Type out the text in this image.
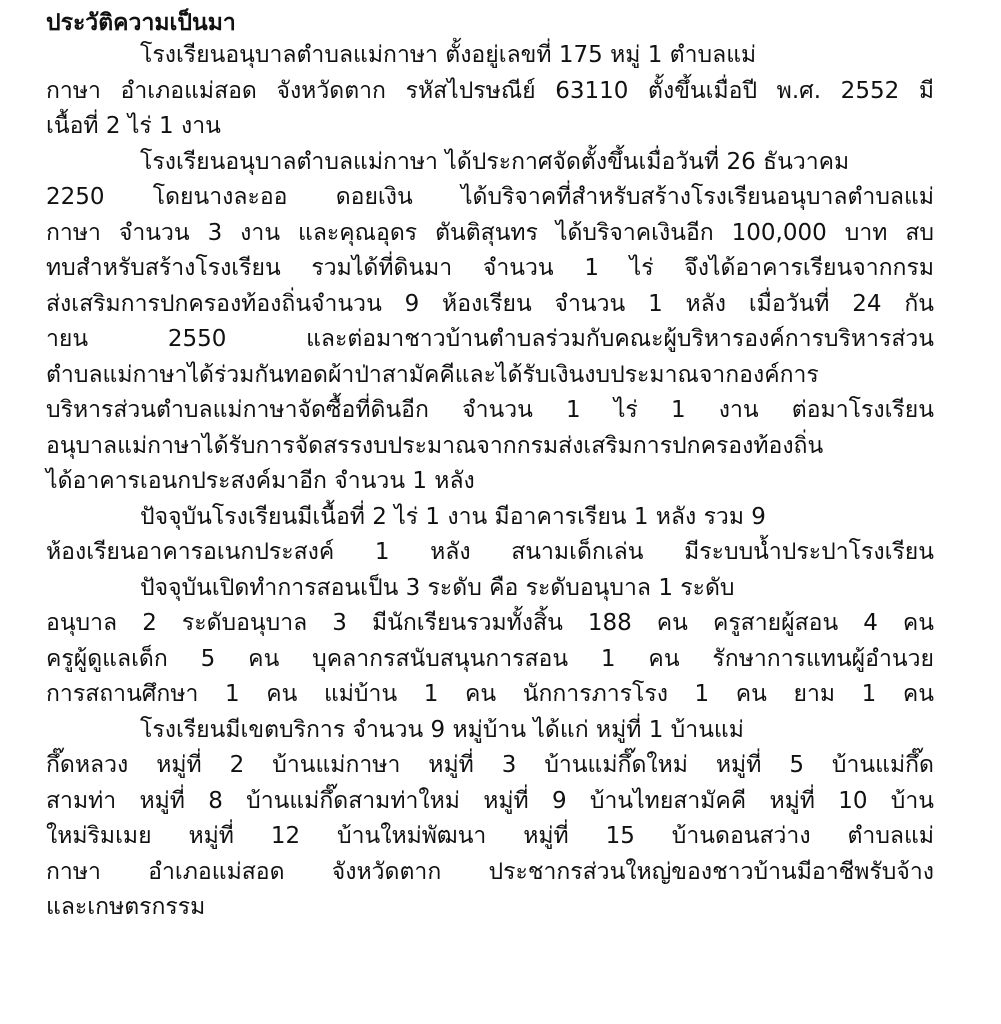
ประวัติความเป็นมา
โรงเรียนอนุบาลตำบลแม่กาษา ตั้งอยู่เลขที่ 175 หมู่ 1 ตำบลแม่
กาษา อำเภอแม่สอด จังหวัดตาก รหัสไปรษณีย์ 63110 ตั้งขึ้นเมื่อปี พ.ศ. 2552 มี
เนื้อที่ 2 ไร่ 1 งาน
โรงเรียนอนุบาลตำบลแม่กาษา ได้ประกาศจัดตั้งขึ้นเมื่อวันที่ 26 ธันวาคม
2250 โดยนางละออ ดอยเงิน ได้บริจาคที่สำหรับสร้างโรงเรียนอนุบาลตำบลแม่
กาษา จำนวน 3 งาน และคุณอุดร ตันติสุนทร ได้บริจาคเงินอีก 100,000 บาท สบ
ทบสำหรับสร้างโรงเรียน รวมได้ที่ดินมา จำนวน 1 ไร่ จึงได้อาคารเรียนจากกรม
ส่งเสริมการปกครองท้องถิ่นจำนวน 9 ห้องเรียน จำนวน 1 หลัง เมื่อวันที่ 24 กัน
ายน 2550 และต่อมาชาวบ้านตำบลร่วมกับคณะผู้บริหารองค์การบริหารส่วน
ตำบลแม่กาษาได้ร่วมกันทอดผ้าป่าสามัคคีและได้รับเงินงบประมาณจากองค์การ
บริหารส่วนตำบลแม่กาษาจัดซื้อที่ดินอีก จำนวน 1 ไร่ 1 งาน ต่อมาโรงเรียน
อนุบาลแม่กาษาได้รับการจัดสรรงบประมาณจากกรมส่งเสริมการปกครองท้องถิ่น
ได้อาคารเอนกประสงค์มาอีก จำนวน 1 หลัง
ปัจจุบันโรงเรียนมีเนื้อที่ 2 ไร่ 1 งาน มีอาคารเรียน 1 หลัง รวม 9
ห้องเรียนอาคารอเนกประสงค์ 1 หลัง สนามเด็กเล่น มีระบบน้ำประปาโรงเรียน
ปัจจุบันเปิดทำการสอนเป็น 3 ระดับ คือ ระดับอนุบาล 1 ระดับ
อนุบาล 2 ระดับอนุบาล 3 มีนักเรียนรวมทั้งสิ้น 188 คน ครูสายผู้สอน 4 คน
ครูผู้ดูแลเด็ก 5 คน บุคลากรสนับสนุนการสอน 1 คน รักษาการแทนผู้อำนวย
การสถานศึกษา 1 คน แม่บ้าน 1 คน นักการภารโรง 1 คน ยาม 1 คน
โรงเรียนมีเขตบริการ จำนวน 9 หมู่บ้าน ได้แก่ หมู่ที่ 1 บ้านแม่
กึ๊ดหลวง หมู่ที่ 2 บ้านแม่กาษา หมู่ที่ 3 บ้านแม่กึ๊ดใหม่ หมู่ที่ 5 บ้านแม่กึ๊ด
สามท่า หมู่ที่ 8 บ้านแม่กึ๊ดสามท่าใหม่ หมู่ที่ 9 บ้านไทยสามัคคี หมู่ที่ 10 บ้าน
ใหม่ริมเมย หมู่ที่ 12 บ้านใหม่พัฒนา หมู่ที่ 15 บ้านดอนสว่าง ตำบลแม่
กาษา อำเภอแม่สอด จังหวัดตาก ประชากรส่วนใหญ่ของชาวบ้านมีอาชีพรับจ้าง
และเกษตรกรรม
